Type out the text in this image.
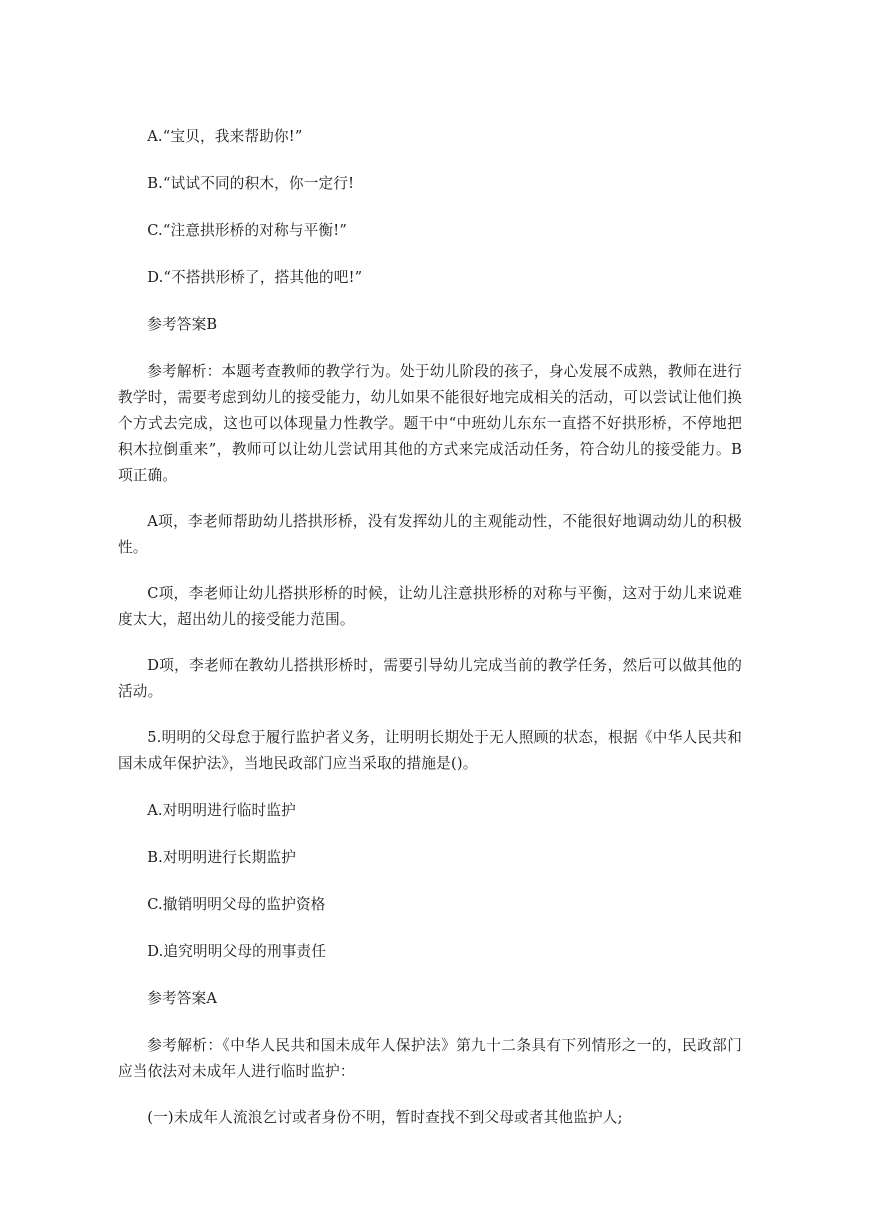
A.“宝贝，我来帮助你!”

B.“试试不同的积木，你一定行!

C.“注意拱形桥的对称与平衡!”

D.“不搭拱形桥了，搭其他的吧!”

参考答案B

参考解析：本题考查教师的教学行为。处于幼儿阶段的孩子，身心发展不成熟，教师在进行教学时，需要考虑到幼儿的接受能力，幼儿如果不能很好地完成相关的活动，可以尝试让他们换个方式去完成，这也可以体现量力性教学。题干中“中班幼儿东东一直搭不好拱形桥，不停地把积木拉倒重来”，教师可以让幼儿尝试用其他的方式来完成活动任务，符合幼儿的接受能力。B项正确。

A项，李老师帮助幼儿搭拱形桥，没有发挥幼儿的主观能动性，不能很好地调动幼儿的积极性。

C项，李老师让幼儿搭拱形桥的时候，让幼儿注意拱形桥的对称与平衡，这对于幼儿来说难度太大，超出幼儿的接受能力范围。

D项，李老师在教幼儿搭拱形桥时，需要引导幼儿完成当前的教学任务，然后可以做其他的活动。

5.明明的父母怠于履行监护者义务，让明明长期处于无人照顾的状态，根据《中华人民共和国未成年保护法》，当地民政部门应当采取的措施是()。

A.对明明进行临时监护

B.对明明进行长期监护

C.撤销明明父母的监护资格

D.追究明明父母的刑事责任

参考答案A

参考解析：《中华人民共和国未成年人保护法》第九十二条具有下列情形之一的，民政部门应当依法对未成年人进行临时监护：

(一)未成年人流浪乞讨或者身份不明，暂时查找不到父母或者其他监护人;
